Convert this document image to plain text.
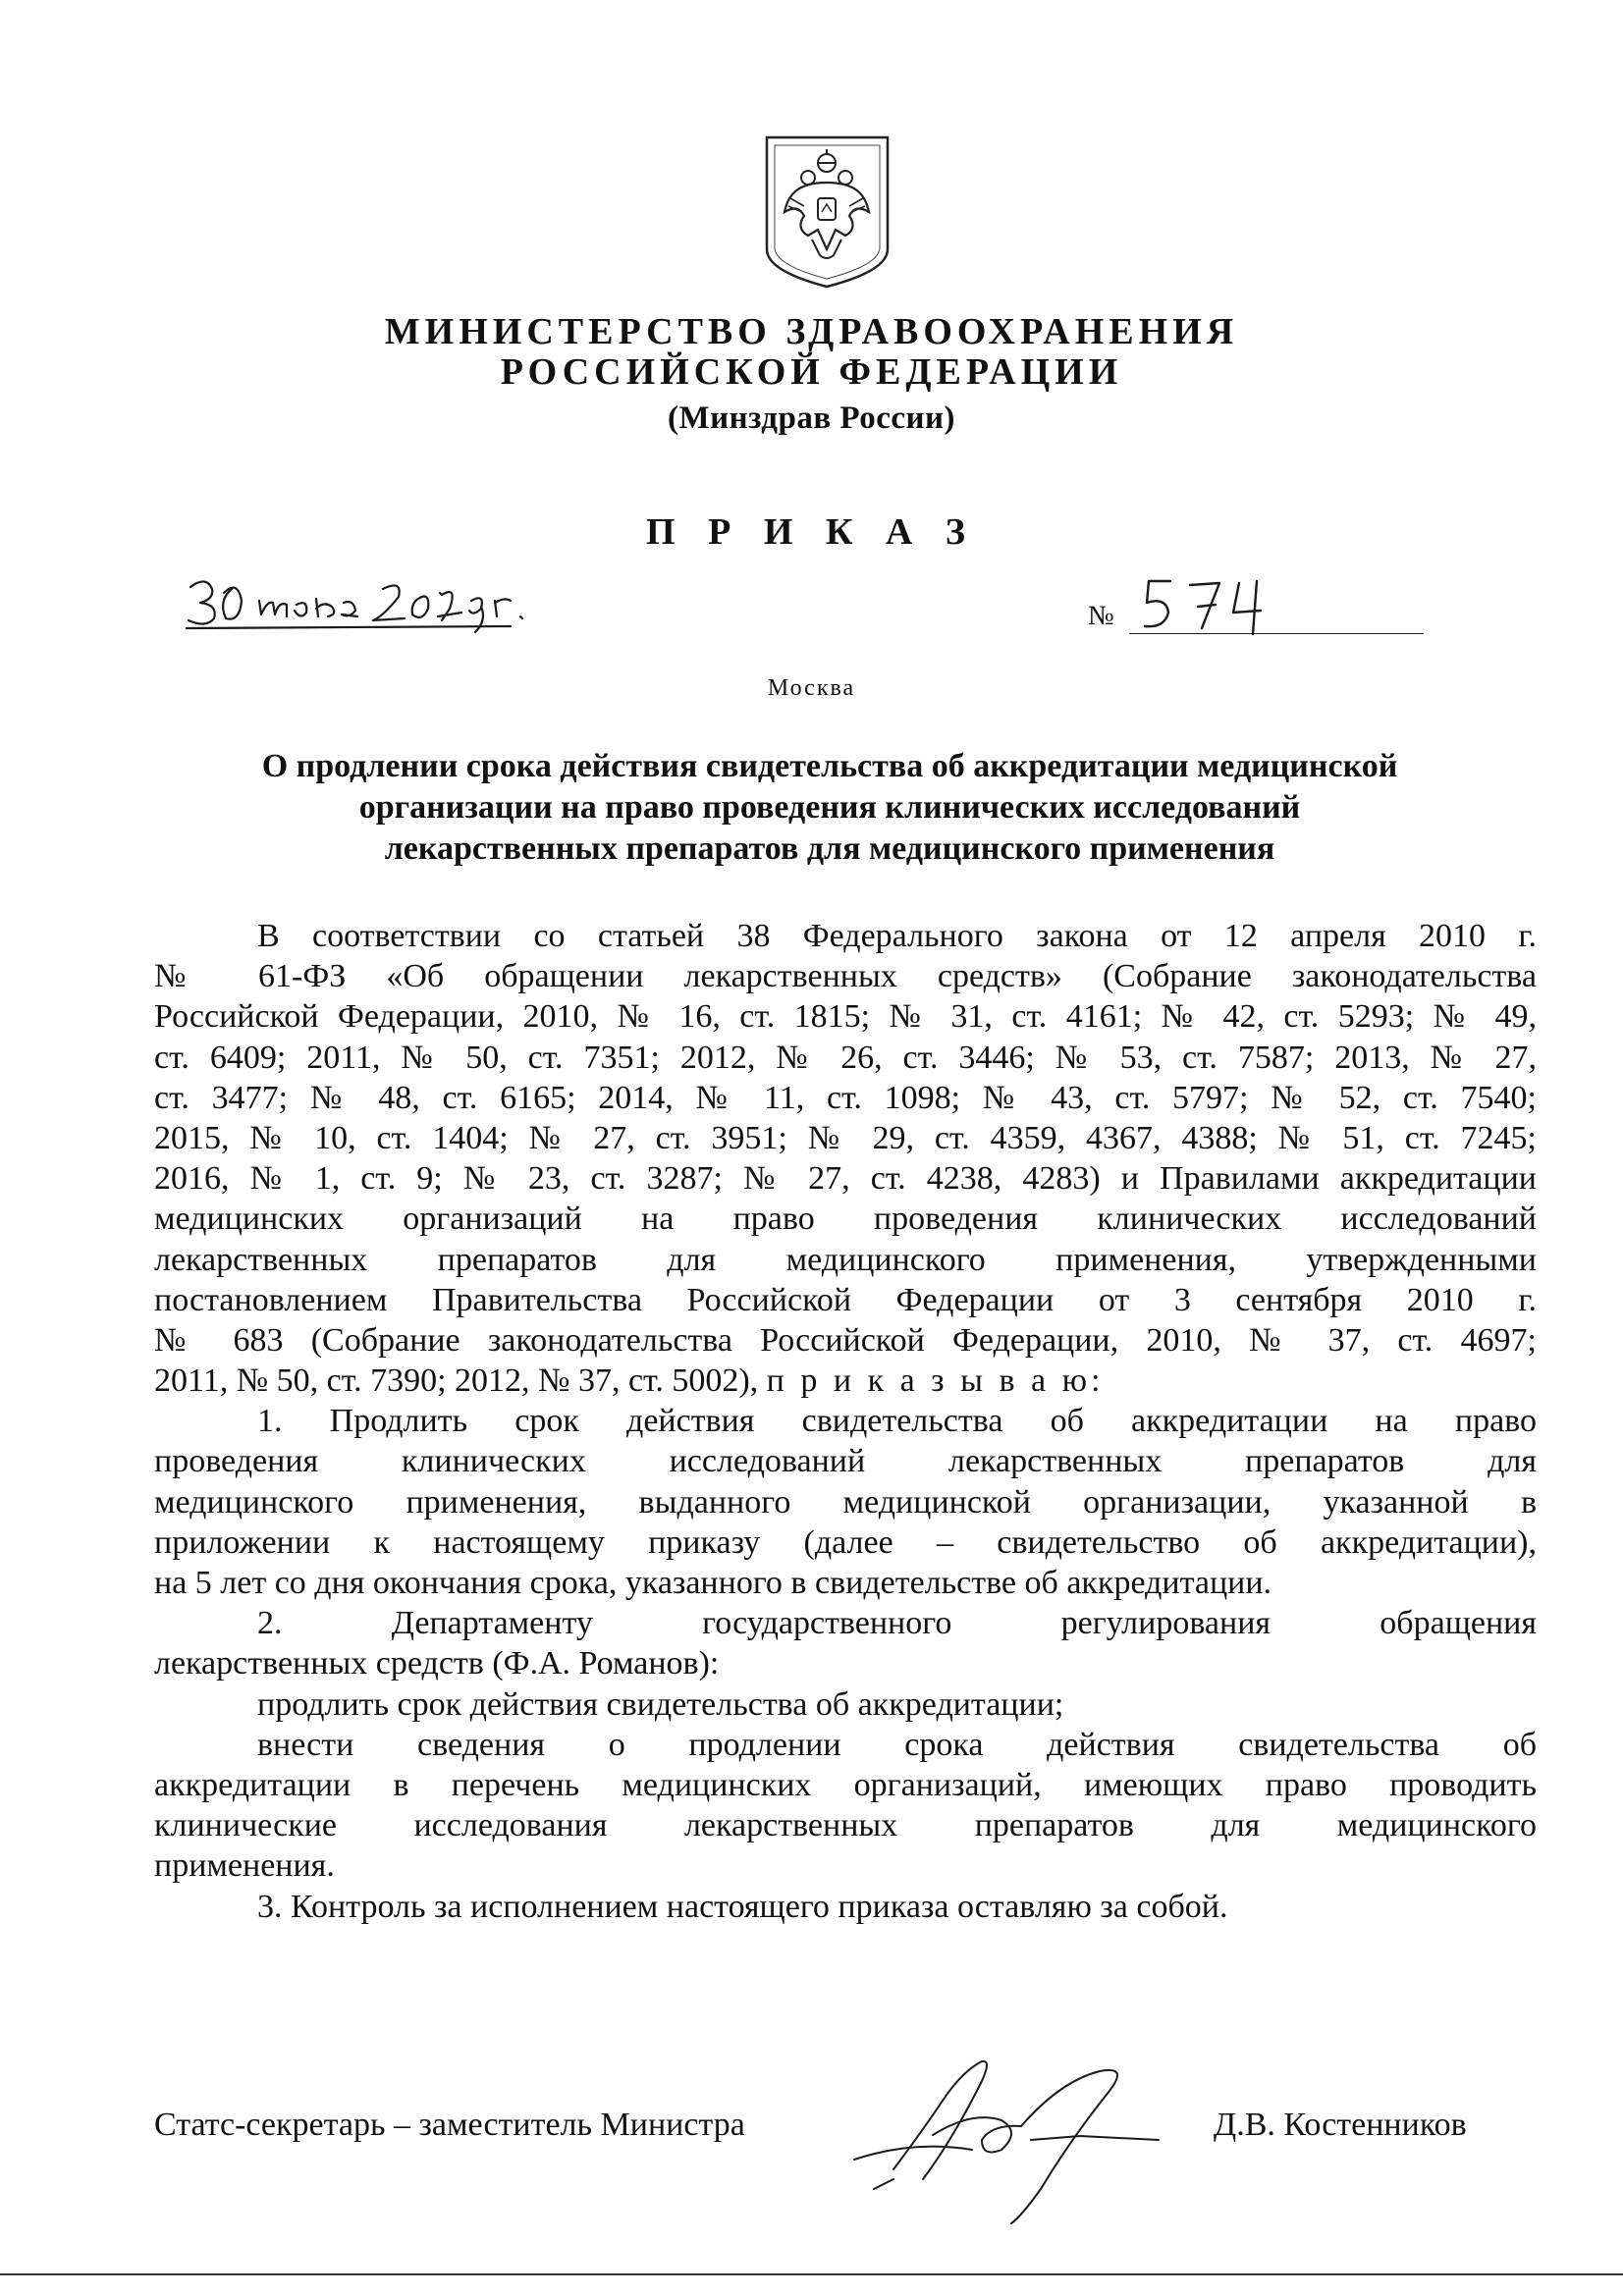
МИНИСТЕРСТВО ЗДРАВООХРАНЕНИЯ
РОССИЙСКОЙ ФЕДЕРАЦИИ
(Минздрав России)
П Р И К А З
№
Москва
О продлении срока действия свидетельства об аккредитации медицинской
организации на право проведения клинических исследований
лекарственных препаратов для медицинского применения
В соответствии со статьей 38 Федерального закона от 12 апреля 2010 г.
№ 61-ФЗ «Об обращении лекарственных средств» (Собрание законодательства
Российской Федерации, 2010, № 16, ст. 1815; № 31, ст. 4161; № 42, ст. 5293; № 49,
ст. 6409; 2011, № 50, ст. 7351; 2012, № 26, ст. 3446; № 53, ст. 7587; 2013, № 27,
ст. 3477; № 48, ст. 6165; 2014, № 11, ст. 1098; № 43, ст. 5797; № 52, ст. 7540;
2015, № 10, ст. 1404; № 27, ст. 3951; № 29, ст. 4359, 4367, 4388; № 51, ст. 7245;
2016, № 1, ст. 9; № 23, ст. 3287; № 27, ст. 4238, 4283) и Правилами аккредитации
медицинских организаций на право проведения клинических исследований
лекарственных препаратов для медицинского применения, утвержденными
постановлением Правительства Российской Федерации от 3 сентября 2010 г.
№ 683 (Собрание законодательства Российской Федерации, 2010, № 37, ст. 4697;
2011, № 50, ст. 7390; 2012, № 37, ст. 5002), п р и к а з ы в а ю:
1. Продлить срок действия свидетельства об аккредитации на право
проведения клинических исследований лекарственных препаратов для
медицинского применения, выданного медицинской организации, указанной в
приложении к настоящему приказу (далее – свидетельство об аккредитации),
на 5 лет со дня окончания срока, указанного в свидетельстве об аккредитации.
2. Департаменту государственного регулирования обращения
лекарственных средств (Ф.А. Романов):
продлить срок действия свидетельства об аккредитации;
внести сведения о продлении срока действия свидетельства об
аккредитации в перечень медицинских организаций, имеющих право проводить
клинические исследования лекарственных препаратов для медицинского
применения.
3. Контроль за исполнением настоящего приказа оставляю за собой.
Статс-секретарь – заместитель Министра	Д.В. Костенников
